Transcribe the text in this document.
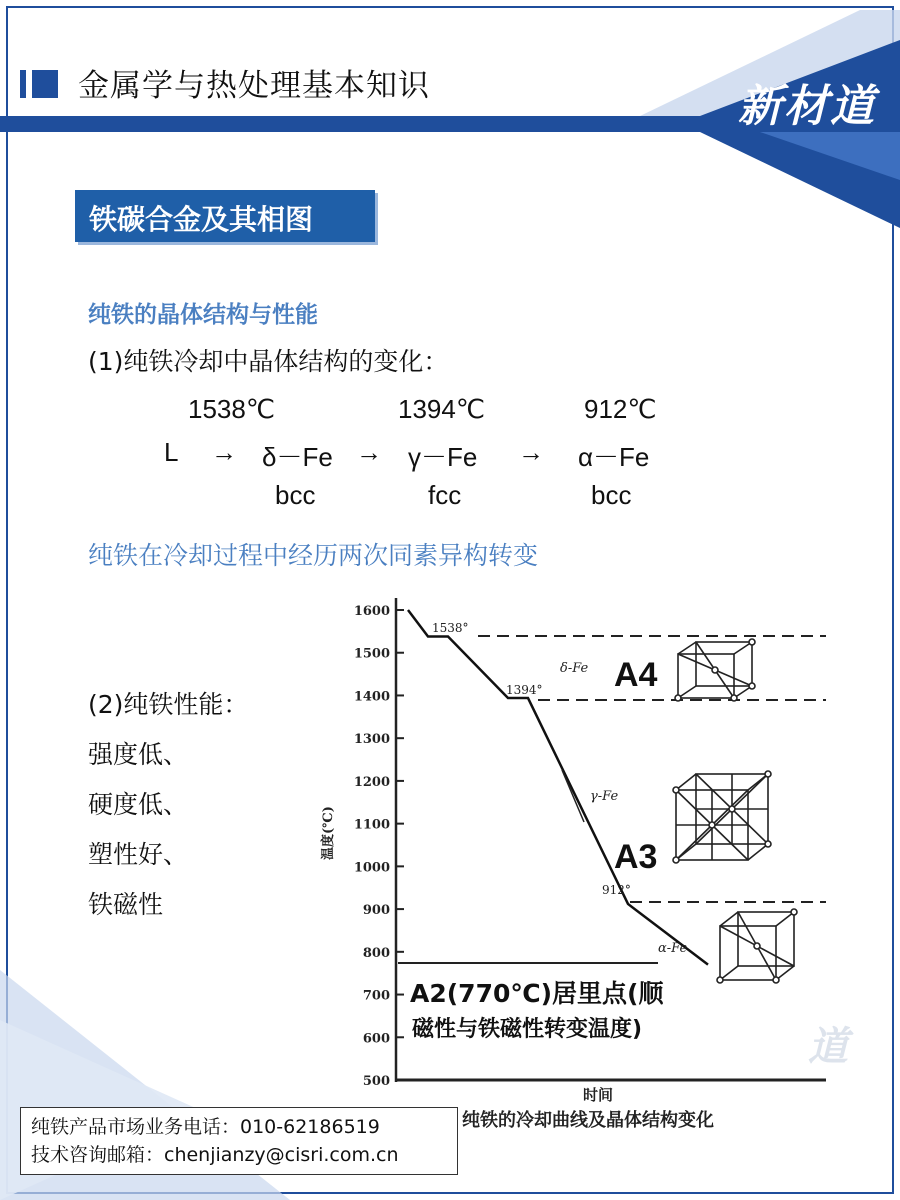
金属学与热处理基本知识	新材道
铁碳合金及其相图
纯铁的晶体结构与性能
(1)纯铁冷却中晶体结构的变化：
1538℃	1394℃	912℃
L → δ－Fe → γ－Fe → α－Fe
bcc	fcc	bcc
纯铁在冷却过程中经历两次同素异构转变
(2)纯铁性能：
强度低、
硬度低、
塑性好、
铁磁性
1600
1500
1400
1300
1200
1100
1000
900
800
700
600
500
温度(℃)
时间
1538°
1394°
912°
δ-Fe
γ-Fe
α-Fe
A4
A3
A2(770℃)居里点(顺
磁性与铁磁性转变温度)	道
纯铁的冷却曲线及晶体结构变化
纯铁产品市场业务电话：010-62186519
技术咨询邮箱：chenjianzy@cisri.com.cn
